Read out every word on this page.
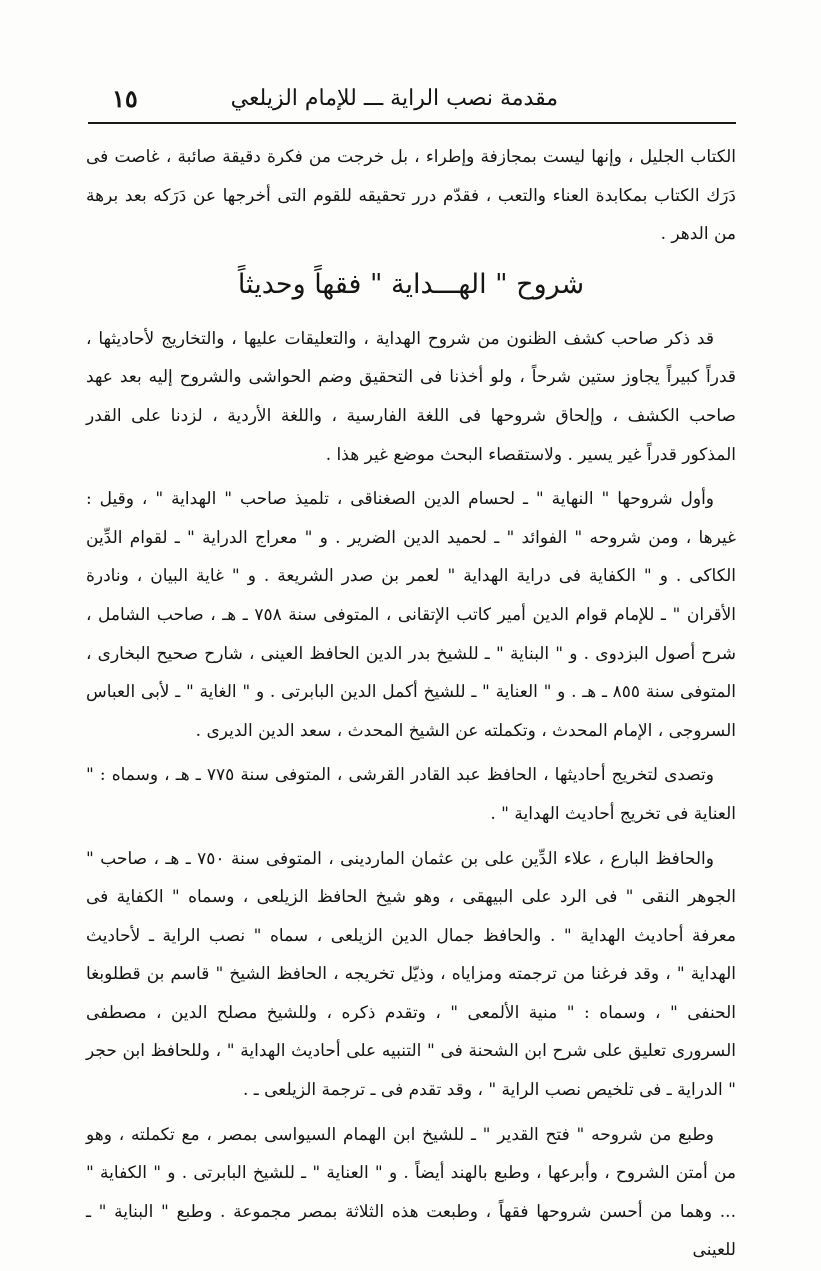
١٥	مقدمة نصب الراية ـــ للإمام الزيلعي

الكتاب الجليل ، وإنها ليست بمجازفة وإطراء ، بل خرجت من فكرة دقيقة صائبة ، غاصت فى دَرَك الكتاب بمكابدة العناء والتعب ، فقدّم درر تحقيقه للقوم التى أخرجها عن دَرَكه بعد برهة من الدهر .

شروح " الهـــداية " فقهاً وحديثاً

قد ذكر صاحب كشف الظنون من شروح الهداية ، والتعليقات عليها ، والتخاريج لأحاديثها ، قدراً كبيراً يجاوز ستين شرحاً ، ولو أخذنا فى التحقيق وضم الحواشى والشروح إليه بعد عهد صاحب الكشف ، وإلحاق شروحها فى اللغة الفارسية ، واللغة الأردية ، لزدنا على القدر المذكور قدراً غير يسير . ولاستقصاء البحث موضع غير هذا .

وأول شروحها " النهاية " ـ لحسام الدين الصغناقى ، تلميذ صاحب " الهداية " ، وقيل : غيرها ، ومن شروحه " الفوائد " ـ لحميد الدين الضرير . و " معراج الدراية " ـ لقوام الدِّين الكاكى . و " الكفاية فى دراية الهداية " لعمر بن صدر الشريعة . و " غاية البيان ، ونادرة الأقران " ـ للإمام قوام الدين أمير كاتب الإتقانى ، المتوفى سنة ٧٥٨ ـ هـ ، صاحب الشامل ، شرح أصول البزدوى . و " البناية " ـ للشيخ بدر الدين الحافظ العينى ، شارح صحيح البخارى ، المتوفى سنة ٨٥٥ ـ هـ . و " العناية " ـ للشيخ أكمل الدين البابرتى . و " الغاية " ـ لأبى العباس السروجى ، الإمام المحدث ، وتكملته عن الشيخ المحدث ، سعد الدين الديرى .

وتصدى لتخريج أحاديثها ، الحافظ عبد القادر القرشى ، المتوفى سنة ٧٧٥ ـ هـ ، وسماه : " العناية فى تخريج أحاديث الهداية " .

والحافظ البارع ، علاء الدِّين على بن عثمان الماردينى ، المتوفى سنة ٧٥٠ ـ هـ ، صاحب " الجوهر النقى " فى الرد على البيهقى ، وهو شيخ الحافظ الزيلعى ، وسماه " الكفاية فى معرفة أحاديث الهداية " . والحافظ جمال الدين الزيلعى ، سماه " نصب الراية ـ لأحاديث الهداية " ، وقد فرغنا من ترجمته ومزاياه ، وذيّل تخريجه ، الحافظ الشيخ " قاسم بن قطلوبغا الحنفى " ، وسماه : " منية الألمعى " ، وتقدم ذكره ، وللشيخ مصلح الدين ، مصطفى السرورى تعليق على شرح ابن الشحنة فى " التنبيه على أحاديث الهداية " ، وللحافظ ابن حجر " الدراية ـ فى تلخيص نصب الراية " ، وقد تقدم فى ـ ترجمة الزيلعى ـ .

وطبع من شروحه " فتح القدير " ـ للشيخ ابن الهمام السيواسى بمصر ، مع تكملته ، وهو من أمتن الشروح ، وأبرعها ، وطبع بالهند أيضاً . و " العناية " ـ للشيخ البابرتى . و " الكفاية " ... وهما من أحسن شروحها فقهاً ، وطبعت هذه الثلاثة بمصر مجموعة . وطبع " البناية " ـ للعينى
